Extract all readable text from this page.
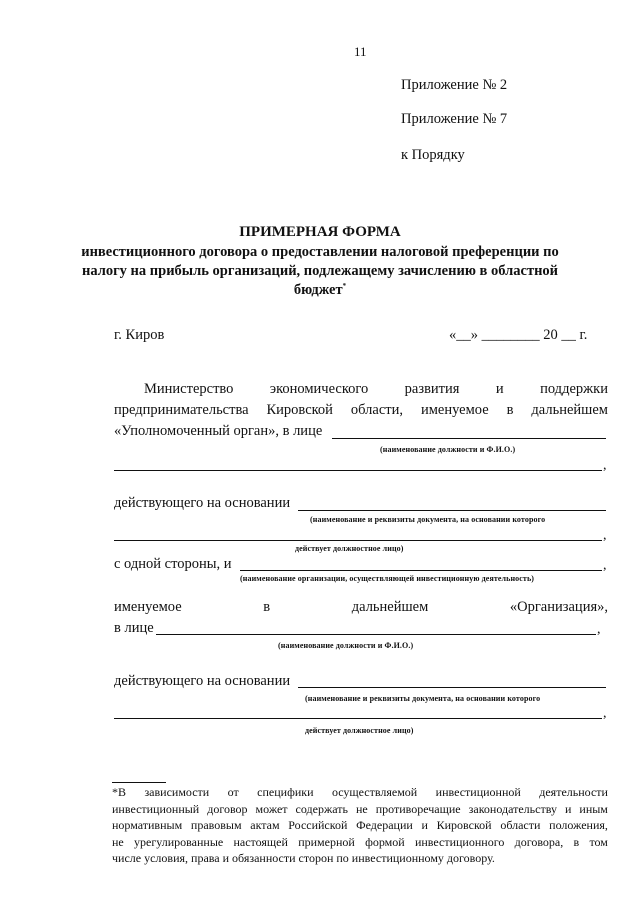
11
Приложение № 2
Приложение № 7
к Порядку
ПРИМЕРНАЯ ФОРМА
инвестиционного договора о предоставлении налоговой преференции по
налогу на прибыль организаций, подлежащему зачислению в областной
бюджет*
г. Киров	«__» ________ 20 __ г.
Министерство	экономического	развития	и	поддержки
предпринимательства Кировской области, именуемое в дальнейшем
«Уполномоченный орган», в лице
(наименование должности и Ф.И.О.)
,
действующего на основании
(наименование и реквизиты документа, на основании которого
,
действует должностное лицо)
с одной стороны, и	,
(наименование организации, осуществляющей инвестиционную деятельность)
именуемое	в	дальнейшем	«Организация»,
в лице	,
(наименование должности и Ф.И.О.)
действующего на основании
(наименование и реквизиты документа, на основании которого
,
действует должностное лицо)
*В зависимости от специфики осуществляемой инвестиционной деятельности
инвестиционный договор может содержать не противоречащие законодательству и иным
нормативным правовым актам Российской Федерации и Кировской области положения,
не урегулированные настоящей примерной формой инвестиционного договора, в том
числе условия, права и обязанности сторон по инвестиционному договору.
